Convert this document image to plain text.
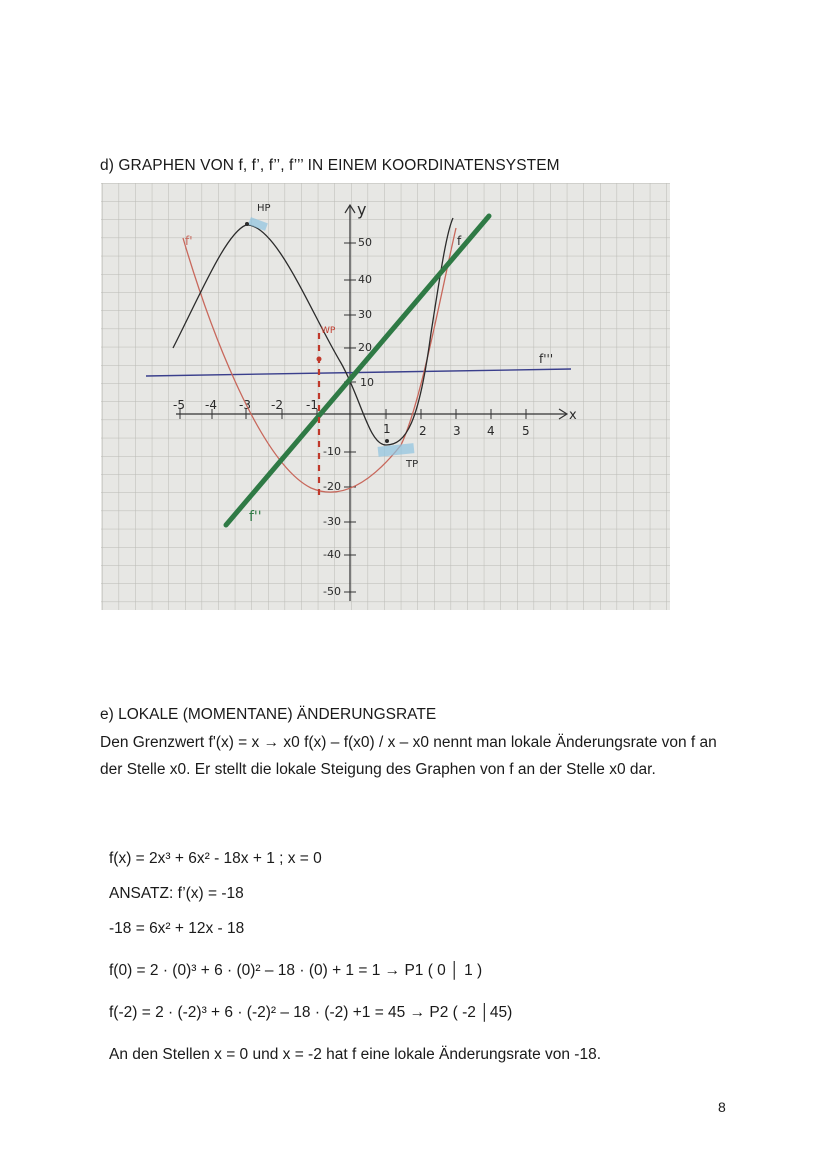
d) GRAPHEN VON f, f’, f’’, f’’’ IN EINEM KOORDINATENSYSTEM
y
x
-5 -4 -3 -2 -1
1 2 3 4 5
50
40
30
20
10
-10
-20
-30
-40
-50
HP
TP
WP
f
f'
f''
f'''

e) LOKALE (MOMENTANE) ÄNDERUNGSRATE

Den Grenzwert f'(x) = x → x0 f(x) – f(x0) / x – x0 nennt man lokale Änderungsrate von f an der Stelle x0. Er stellt die lokale Steigung des Graphen von f an der Stelle x0 dar.

f(x) = 2x³ + 6x² - 18x + 1 ; x = 0
ANSATZ: f’(x) = -18
-18 = 6x² + 12x - 18
f(0) = 2 · (0)³ + 6 · (0)² – 18 · (0) + 1 = 1 → P1 ( 0 │ 1 )
f(-2) = 2 · (-2)³ + 6 · (-2)² – 18 · (-2) +1 = 45 → P2 ( -2 │45)
An den Stellen x = 0 und x = -2 hat f eine lokale Änderungsrate von -18.
8
